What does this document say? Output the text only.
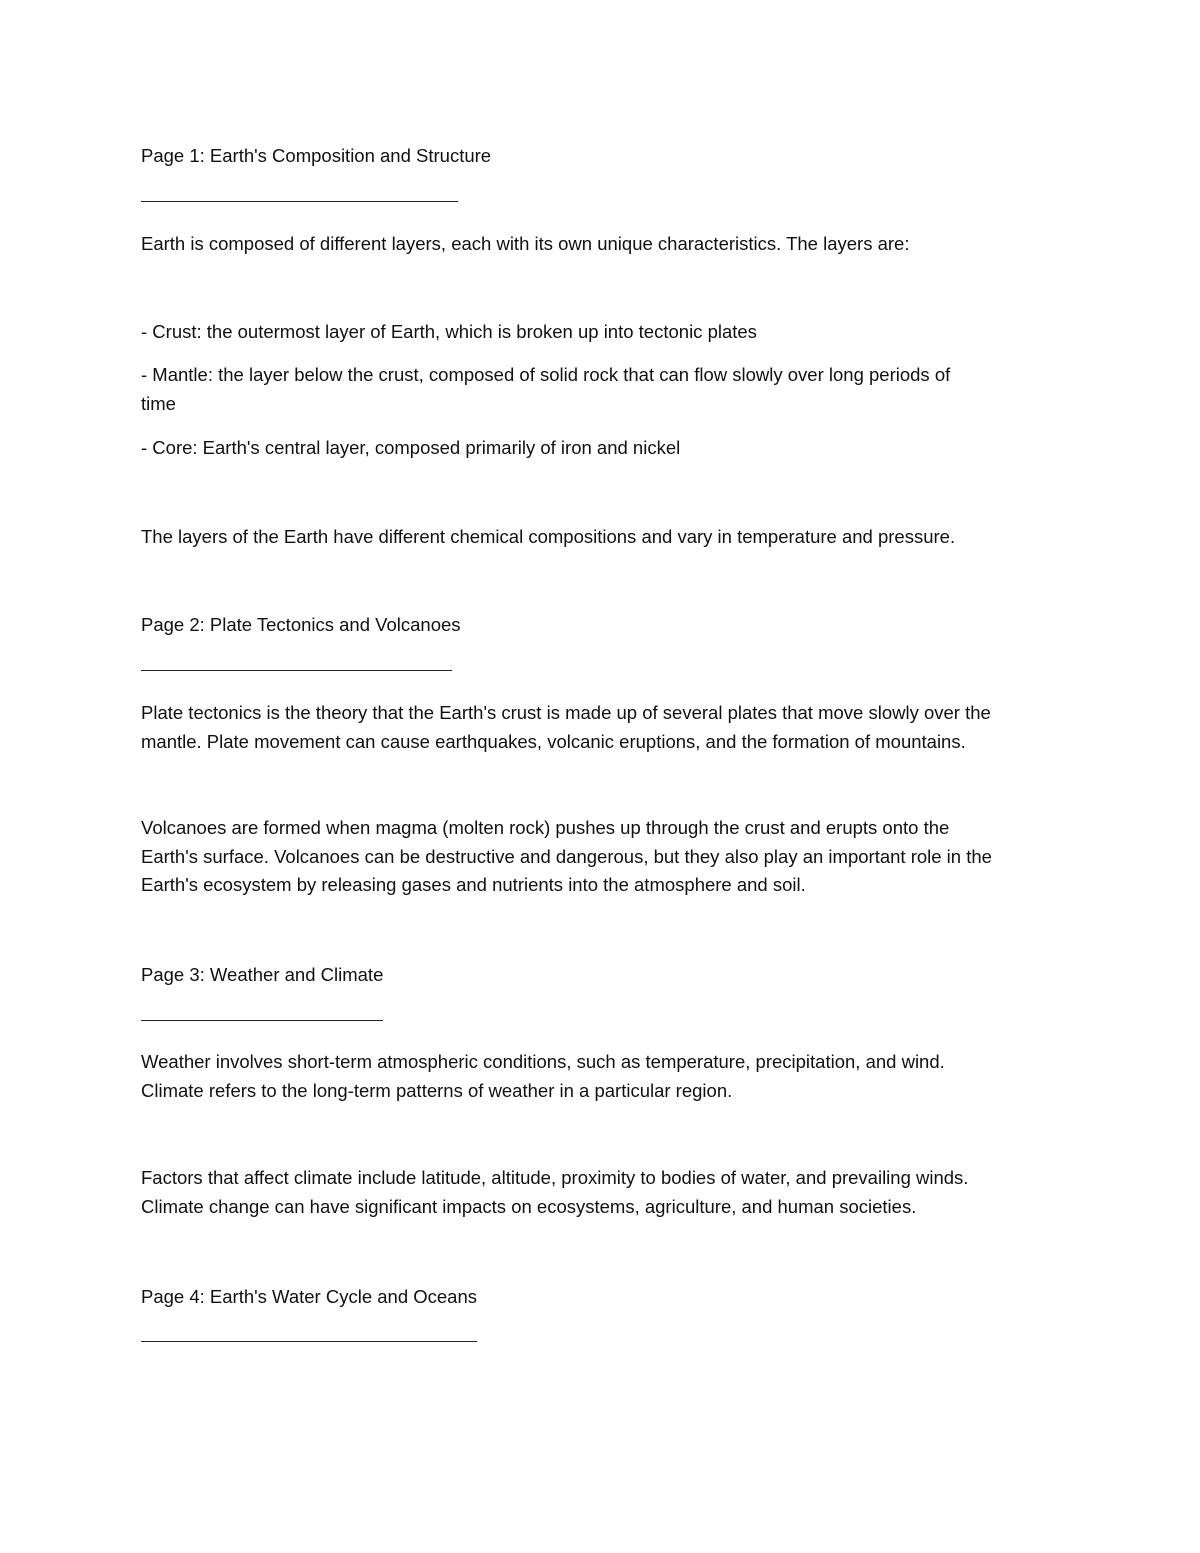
Page 1: Earth's Composition and Structure
Earth is composed of different layers, each with its own unique characteristics. The layers are:
- Crust: the outermost layer of Earth, which is broken up into tectonic plates
- Mantle: the layer below the crust, composed of solid rock that can flow slowly over long periods of
time
- Core: Earth's central layer, composed primarily of iron and nickel
The layers of the Earth have different chemical compositions and vary in temperature and pressure.
Page 2: Plate Tectonics and Volcanoes
Plate tectonics is the theory that the Earth's crust is made up of several plates that move slowly over the
mantle. Plate movement can cause earthquakes, volcanic eruptions, and the formation of mountains.
Volcanoes are formed when magma (molten rock) pushes up through the crust and erupts onto the
Earth's surface. Volcanoes can be destructive and dangerous, but they also play an important role in the
Earth's ecosystem by releasing gases and nutrients into the atmosphere and soil.
Page 3: Weather and Climate
Weather involves short-term atmospheric conditions, such as temperature, precipitation, and wind.
Climate refers to the long-term patterns of weather in a particular region.
Factors that affect climate include latitude, altitude, proximity to bodies of water, and prevailing winds.
Climate change can have significant impacts on ecosystems, agriculture, and human societies.
Page 4: Earth's Water Cycle and Oceans
